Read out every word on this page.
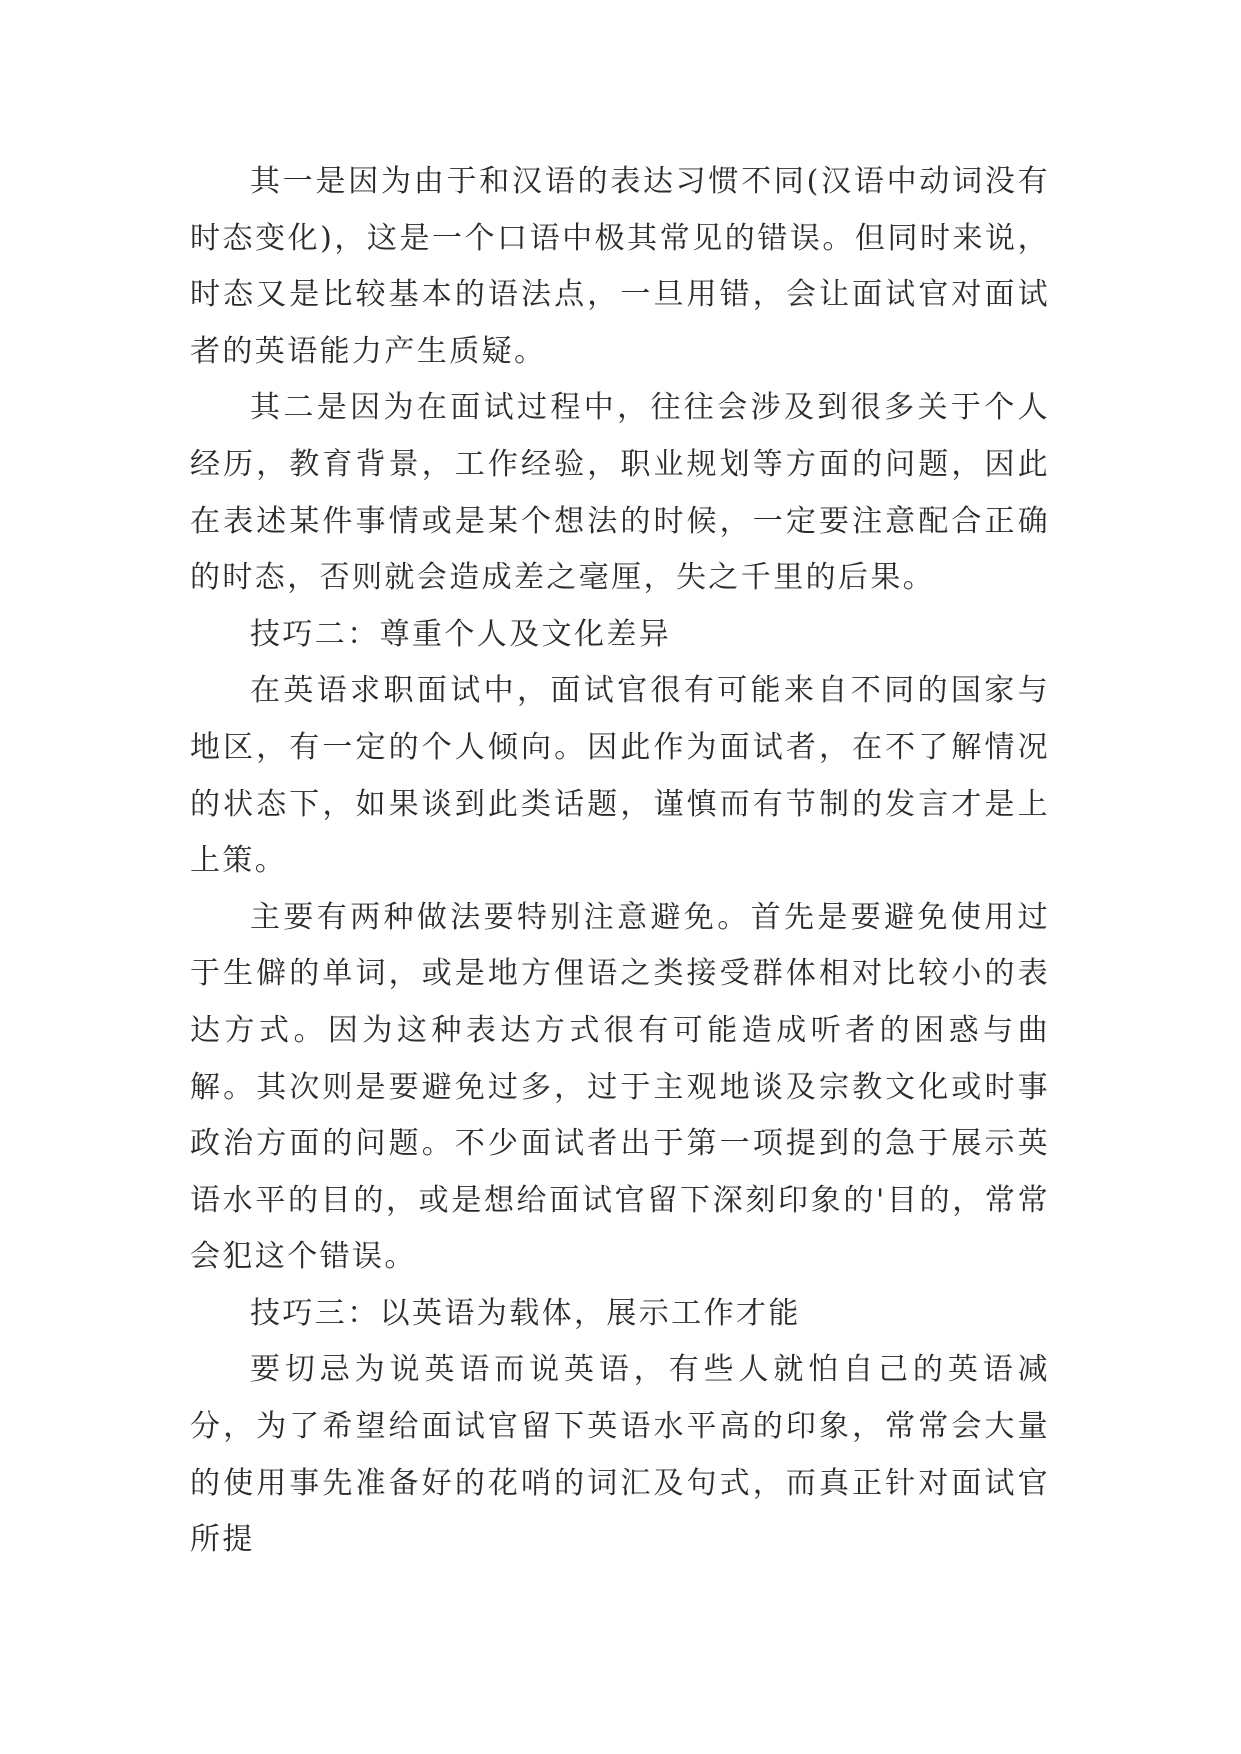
其一是因为由于和汉语的表达习惯不同(汉语中动词没有时态变化)，这是一个口语中极其常见的错误。但同时来说，时态又是比较基本的语法点，一旦用错，会让面试官对面试者的英语能力产生质疑。

其二是因为在面试过程中，往往会涉及到很多关于个人经历，教育背景，工作经验，职业规划等方面的问题，因此在表述某件事情或是某个想法的时候，一定要注意配合正确的时态，否则就会造成差之毫厘，失之千里的后果。

技巧二：尊重个人及文化差异

在英语求职面试中，面试官很有可能来自不同的国家与地区，有一定的个人倾向。因此作为面试者，在不了解情况的状态下，如果谈到此类话题，谨慎而有节制的发言才是上上策。

主要有两种做法要特别注意避免。首先是要避免使用过于生僻的单词，或是地方俚语之类接受群体相对比较小的表达方式。因为这种表达方式很有可能造成听者的困惑与曲解。其次则是要避免过多，过于主观地谈及宗教文化或时事政治方面的问题。不少面试者出于第一项提到的急于展示英语水平的目的，或是想给面试官留下深刻印象的'目的，常常会犯这个错误。

技巧三：以英语为载体，展示工作才能

要切忌为说英语而说英语，有些人就怕自己的英语减分，为了希望给面试官留下英语水平高的印象，常常会大量的使用事先准备好的花哨的词汇及句式，而真正针对面试官所提
